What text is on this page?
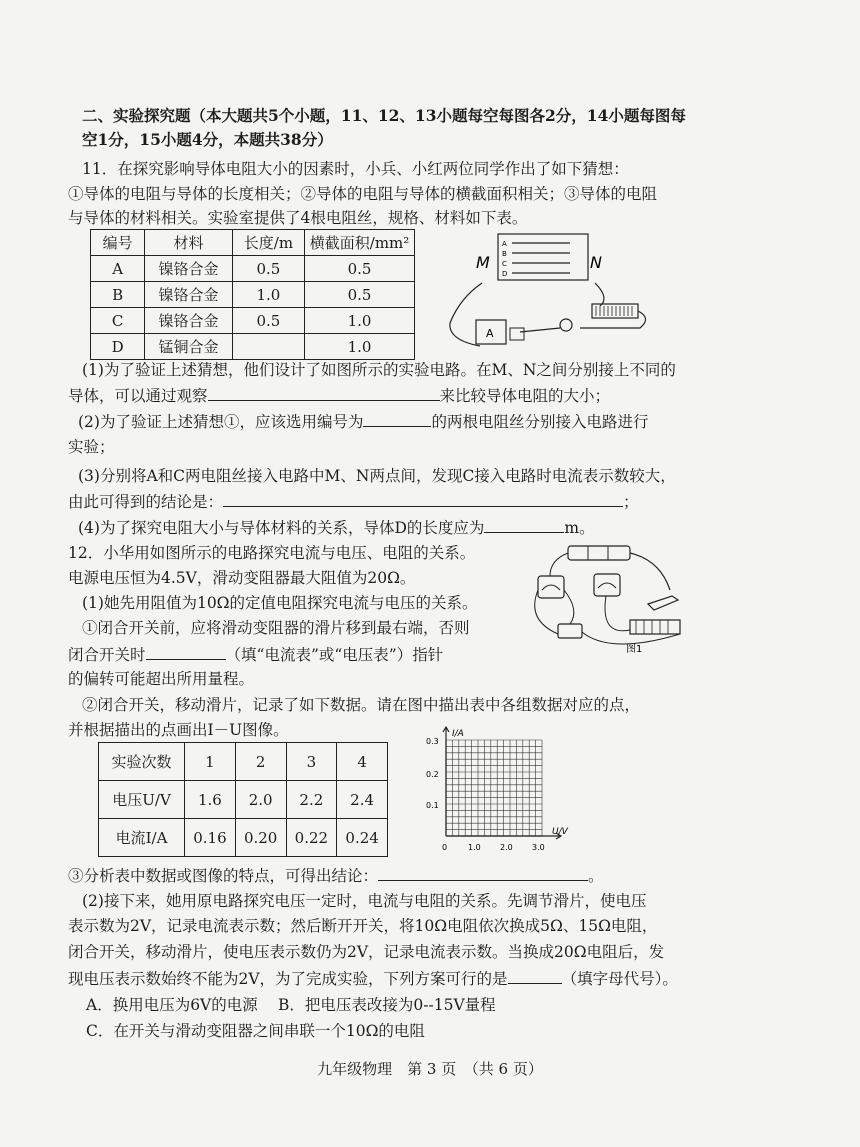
二、实验探究题（本大题共5个小题，11、12、13小题每空每图各2分，14小题每图每
空1分，15小题4分，本题共38分）
11．在探究影响导体电阻大小的因素时，小兵、小红两位同学作出了如下猜想：
①导体的电阻与导体的长度相关；②导体的电阻与导体的横截面积相关；③导体的电阻
与导体的材料相关。实验室提供了4根电阻丝，规格、材料如下表。
编号	材料	长度/m	横截面积/mm²
A	镍铬合金	0.5	0.5
B	镍铬合金	1.0	0.5
C	镍铬合金	0.5	1.0
D	锰铜合金		1.0
A
B
C
D
M	N
A
(1)为了验证上述猜想，他们设计了如图所示的实验电路。在M、N之间分别接上不同的
导体，可以通过观察	来比较导体电阻的大小；
(2)为了验证上述猜想①，应该选用编号为	的两根电阻丝分别接入电路进行
实验；
(3)分别将A和C两电阻丝接入电路中M、N两点间，发现C接入电路时电流表示数较大，
由此可得到的结论是：	；
(4)为了探究电阻大小与导体材料的关系，导体D的长度应为	m。
12．小华用如图所示的电路探究电流与电压、电阻的关系。
电源电压恒为4.5V，滑动变阻器最大阻值为20Ω。
(1)她先用阻值为10Ω的定值电阻探究电流与电压的关系。
①闭合开关前，应将滑动变阻器的滑片移到最右端，否则
闭合开关时	（填“电流表”或“电压表”）指针
的偏转可能超出所用量程。
图1
②闭合开关，移动滑片，记录了如下数据。请在图中描出表中各组数据对应的点，
并根据描出的点画出I－U图像。
实验次数	1	2	3	4
电压U/V	1.6	2.0	2.2	2.4
电流I/A	0.16	0.20	0.22	0.24
I/A
U/V
0.3
0.2
0.1
0	1.0 2.0 3.0
③分析表中数据或图像的特点，可得出结论：	。
(2)接下来，她用原电路探究电压一定时，电流与电阻的关系。先调节滑片，使电压
表示数为2V，记录电流表示数；然后断开开关，将10Ω电阻依次换成5Ω、15Ω电阻，
闭合开关，移动滑片，使电压表示数仍为2V，记录电流表示数。当换成20Ω电阻后，发
现电压表示数始终不能为2V，为了完成实验，下列方案可行的是	（填字母代号）。
A．换用电压为6V的电源 B．把电压表改接为0--15V量程
C．在开关与滑动变阻器之间串联一个10Ω的电阻
九年级物理　第 3 页　（共 6 页）
